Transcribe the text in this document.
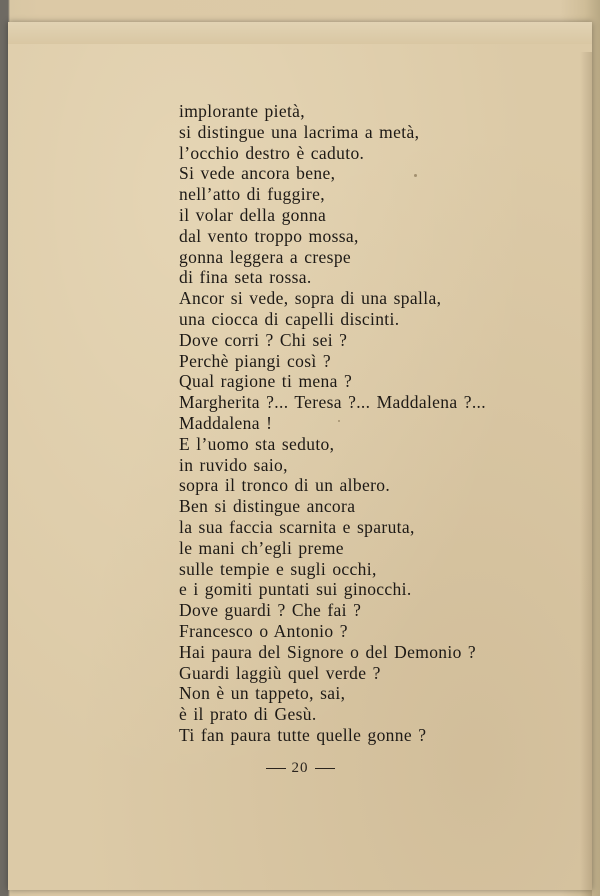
implorante pietà,
si distingue una lacrima a metà,
l’occhio destro è caduto.
Si vede ancora bene,
nell’atto di fuggire,
il volar della gonna
dal vento troppo mossa,
gonna leggera a crespe
di fina seta rossa.
Ancor si vede, sopra di una spalla,
una ciocca di capelli discinti.
Dove corri ? Chi sei ?
Perchè piangi così ?
Qual ragione ti mena ?
Margherita ?... Teresa ?... Maddalena ?...
Maddalena !
E l’uomo sta seduto,
in ruvido saio,
sopra il tronco di un albero.
Ben si distingue ancora
la sua faccia scarnita e sparuta,
le mani ch’egli preme
sulle tempie e sugli occhi,
e i gomiti puntati sui ginocchi.
Dove guardi ? Che fai ?
Francesco o Antonio ?
Hai paura del Signore o del Demonio ?
Guardi laggiù quel verde ?
Non è un tappeto, sai,
è il prato di Gesù.
Ti fan paura tutte quelle gonne ?
20
